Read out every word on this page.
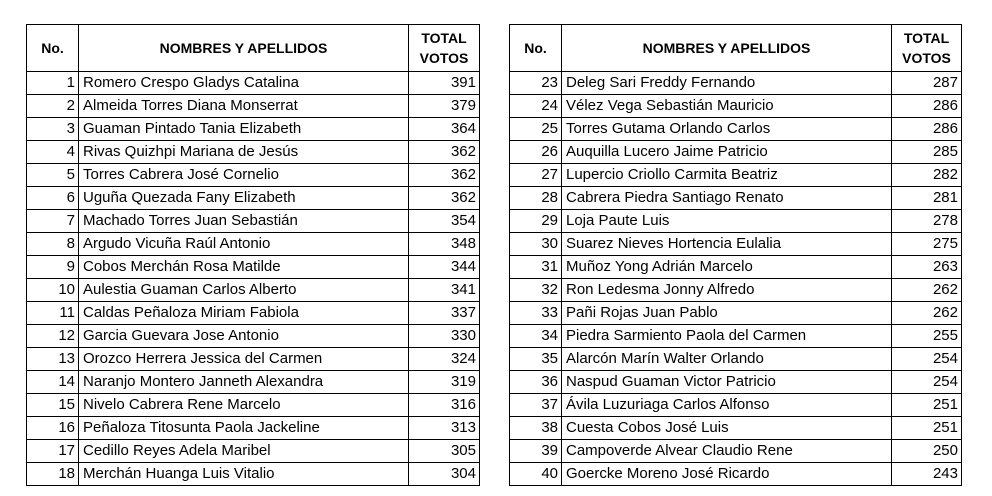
No.	NOMBRES Y APELLIDOS	TOTAL
VOTOS
1	Romero Crespo Gladys Catalina	391
2	Almeida Torres Diana Monserrat	379
3	Guaman Pintado Tania Elizabeth	364
4	Rivas Quizhpi Mariana de Jesús	362
5	Torres Cabrera José Cornelio	362
6	Uguña Quezada Fany Elizabeth	362
7	Machado Torres Juan Sebastián	354
8	Argudo Vicuña Raúl Antonio	348
9	Cobos Merchán Rosa Matilde	344
10	Aulestia Guaman Carlos Alberto	341
11	Caldas Peñaloza Miriam Fabiola	337
12	Garcia Guevara Jose Antonio	330
13	Orozco Herrera Jessica del Carmen	324
14	Naranjo Montero Janneth Alexandra	319
15	Nivelo Cabrera Rene Marcelo	316
16	Peñaloza Titosunta Paola Jackeline	313
17	Cedillo Reyes Adela Maribel	305
18	Merchán Huanga Luis Vitalio	304
No.	NOMBRES Y APELLIDOS	TOTAL
VOTOS
23	Deleg Sari Freddy Fernando	287
24	Vélez Vega Sebastián Mauricio	286
25	Torres Gutama Orlando Carlos	286
26	Auquilla Lucero Jaime Patricio	285
27	Lupercio Criollo Carmita Beatriz	282
28	Cabrera Piedra Santiago Renato	281
29	Loja Paute Luis	278
30	Suarez Nieves Hortencia Eulalia	275
31	Muñoz Yong Adrián Marcelo	263
32	Ron Ledesma Jonny Alfredo	262
33	Pañi Rojas Juan Pablo	262
34	Piedra Sarmiento Paola del Carmen	255
35	Alarcón Marín Walter Orlando	254
36	Naspud Guaman Victor Patricio	254
37	Ávila Luzuriaga Carlos Alfonso	251
38	Cuesta Cobos José Luis	251
39	Campoverde Alvear Claudio Rene	250
40	Goercke Moreno José Ricardo	243
